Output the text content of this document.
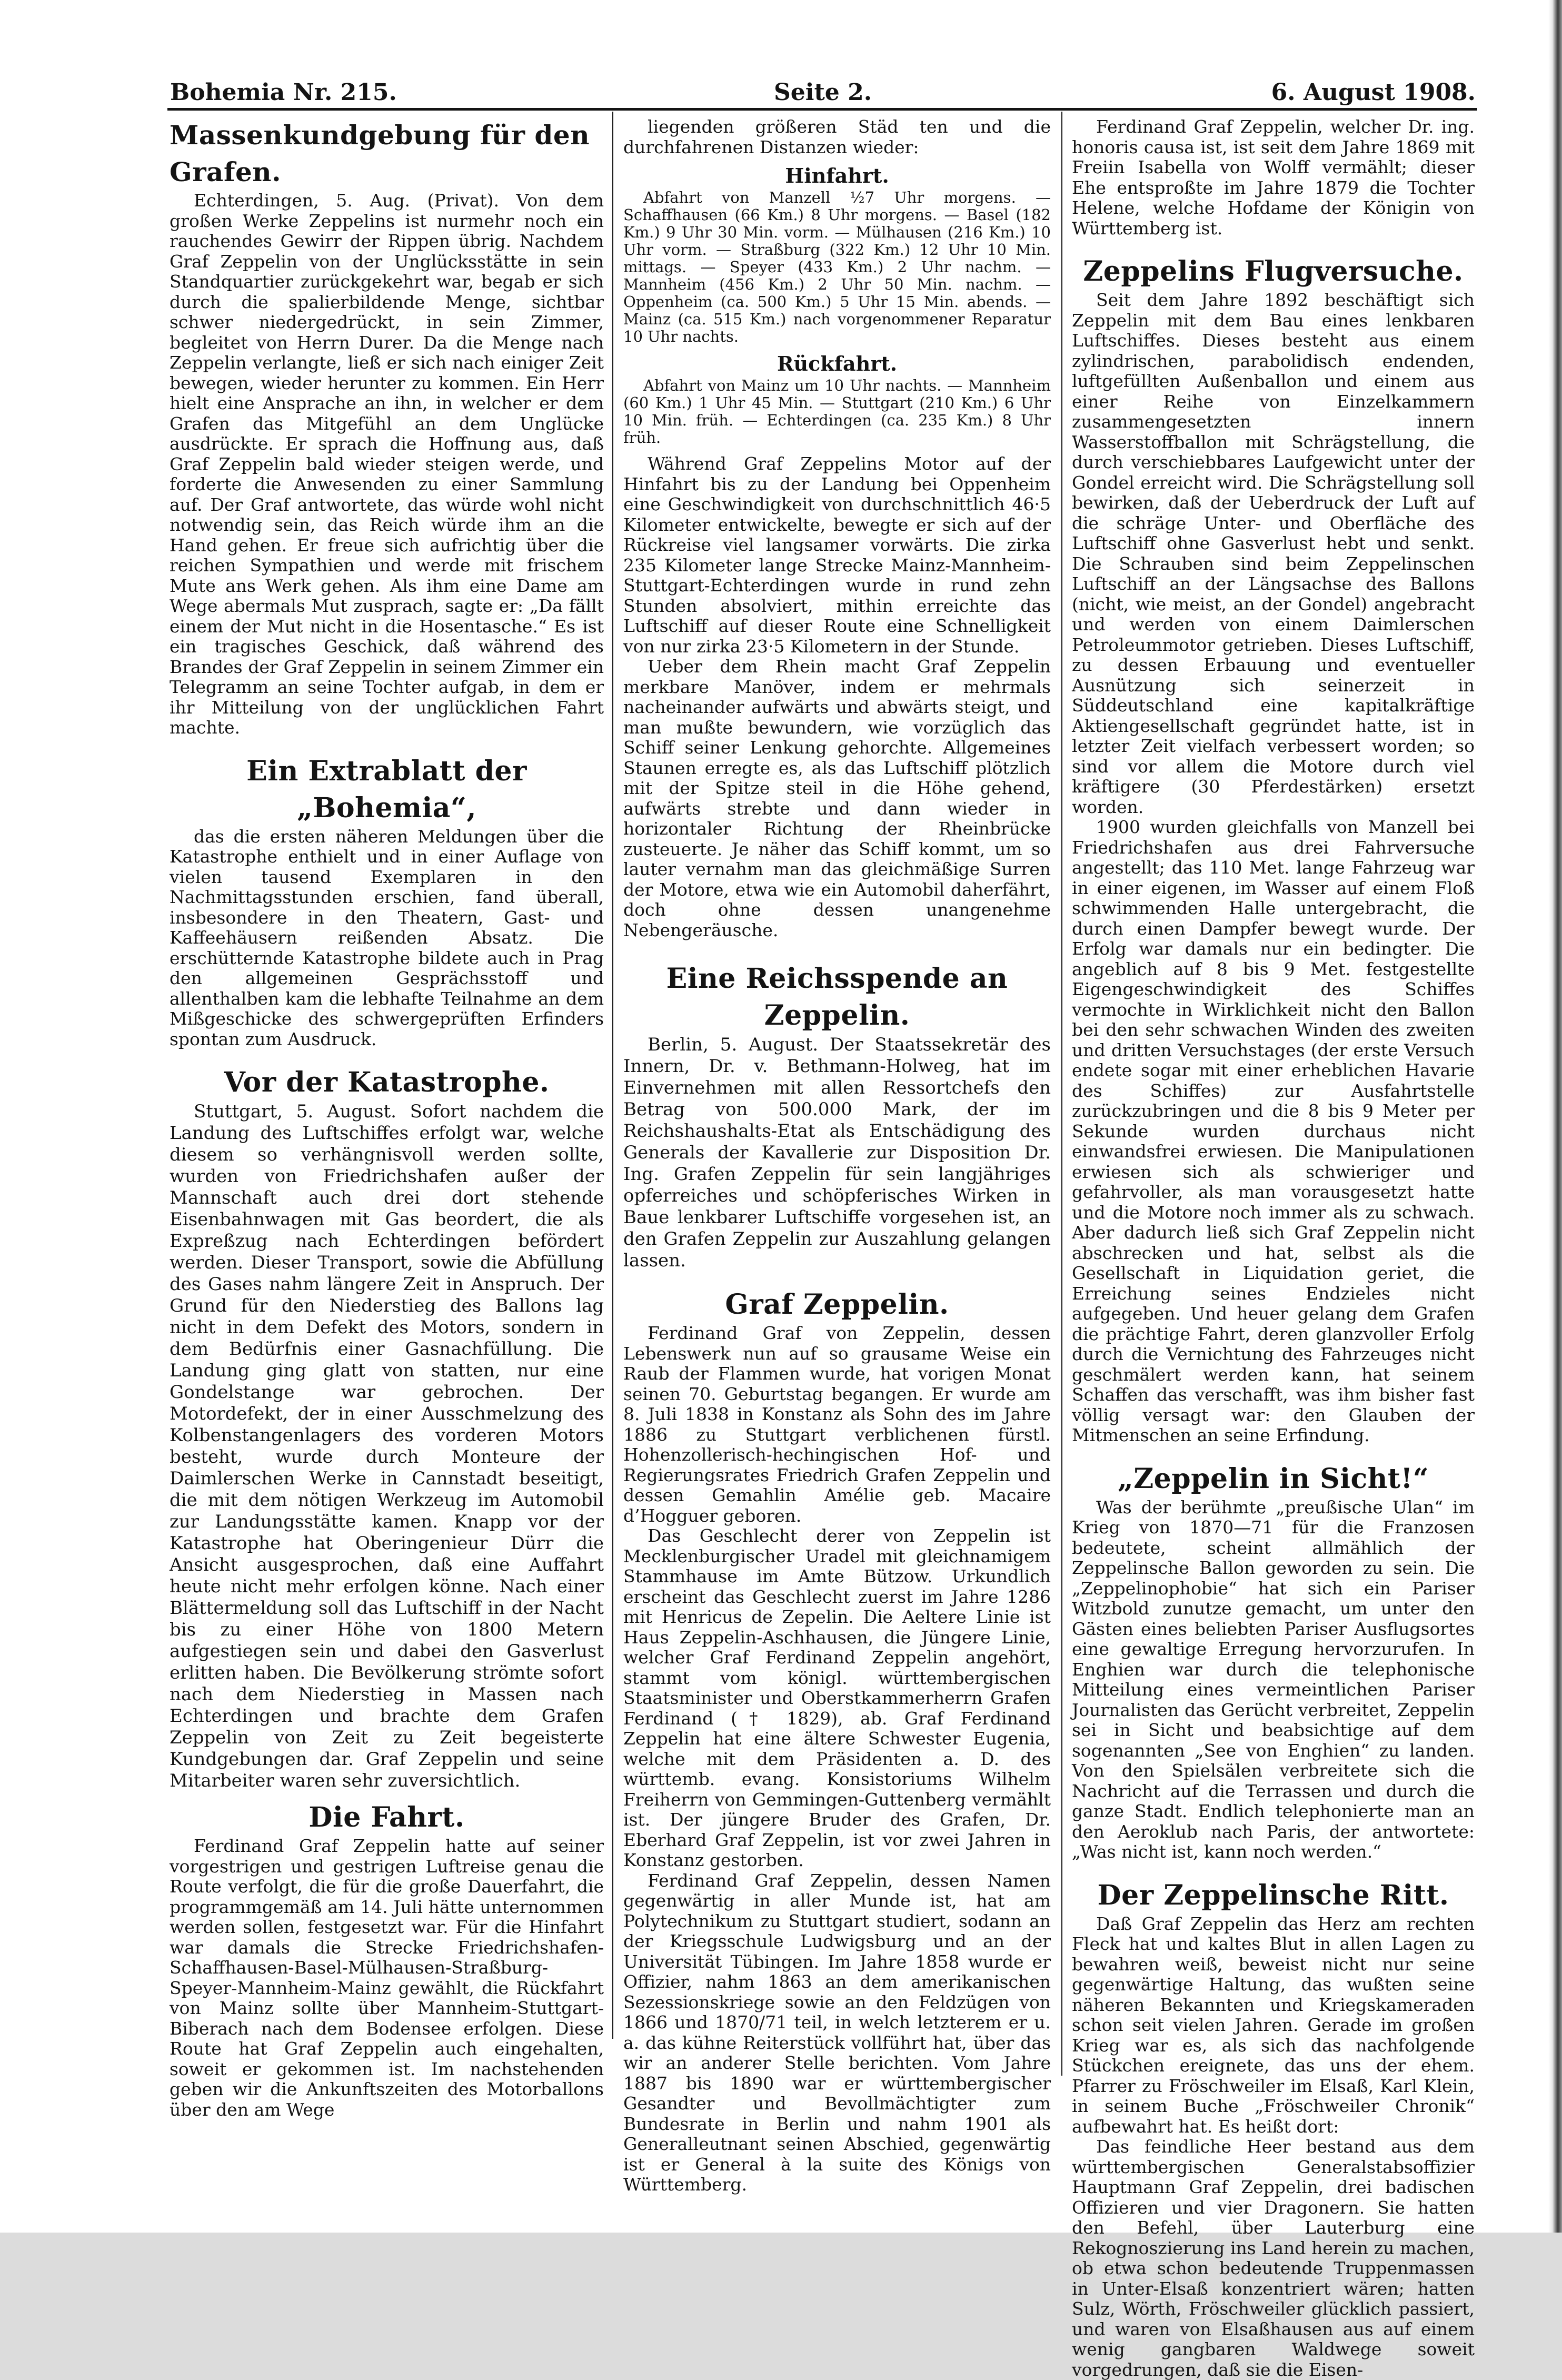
Bohemia Nr. 215.	Seite 2.	6. August 1908.
Massenkundgebung für den Grafen.

Echterdingen, 5. Aug. (Privat). Von dem großen Werke Zeppelins ist nurmehr noch ein rauchendes Gewirr der Rippen übrig. Nachdem Graf Zeppelin von der Unglücksstätte in sein Standquartier zurückgekehrt war, begab er sich durch die spalierbildende Menge, sichtbar schwer niedergedrückt, in sein Zimmer, begleitet von Herrn Durer. Da die Menge nach Zeppelin verlangte, ließ er sich nach einiger Zeit bewegen, wieder herunter zu kommen. Ein Herr hielt eine Ansprache an ihn, in welcher er dem Grafen das Mitgefühl an dem Unglücke ausdrückte. Er sprach die Hoffnung aus, daß Graf Zeppelin bald wieder steigen werde, und forderte die Anwesenden zu einer Sammlung auf. Der Graf antwortete, das würde wohl nicht notwendig sein, das Reich würde ihm an die Hand gehen. Er freue sich aufrichtig über die reichen Sympathien und werde mit frischem Mute ans Werk gehen. Als ihm eine Dame am Wege abermals Mut zusprach, sagte er: „Da fällt einem der Mut nicht in die Hosentasche.“ Es ist ein tragisches Geschick, daß während des Brandes der Graf Zeppelin in seinem Zimmer ein Telegramm an seine Tochter aufgab, in dem er ihr Mitteilung von der unglücklichen Fahrt machte.

Ein Extrablatt der „Bohemia“,

das die ersten näheren Meldungen über die Katastrophe enthielt und in einer Auflage von vielen tausend Exemplaren in den Nachmittagsstunden erschien, fand überall, insbesondere in den Theatern, Gast- und Kaffeehäusern reißenden Absatz. Die erschütternde Katastrophe bildete auch in Prag den allgemeinen Gesprächsstoff und allenthalben kam die lebhafte Teilnahme an dem Mißgeschicke des schwergeprüften Erfinders spontan zum Ausdruck.

Vor der Katastrophe.

Stuttgart, 5. August. Sofort nachdem die Landung des Luftschiffes erfolgt war, welche diesem so verhängnisvoll werden sollte, wurden von Friedrichshafen außer der Mannschaft auch drei dort stehende Eisenbahnwagen mit Gas beordert, die als Expreßzug nach Echterdingen befördert werden. Dieser Transport, sowie die Abfüllung des Gases nahm längere Zeit in Anspruch. Der Grund für den Niederstieg des Ballons lag nicht in dem Defekt des Motors, sondern in dem Bedürfnis einer Gasnachfüllung. Die Landung ging glatt von statten, nur eine Gondelstange war gebrochen. Der Motordefekt, der in einer Ausschmelzung des Kolbenstangenlagers des vorderen Motors besteht, wurde durch Monteure der Daimlerschen Werke in Cannstadt beseitigt, die mit dem nötigen Werkzeug im Automobil zur Landungsstätte kamen. Knapp vor der Katastrophe hat Oberingenieur Dürr die Ansicht ausgesprochen, daß eine Auffahrt heute nicht mehr erfolgen könne. Nach einer Blättermeldung soll das Luftschiff in der Nacht bis zu einer Höhe von 1800 Metern aufgestiegen sein und dabei den Gasverlust erlitten haben. Die Bevölkerung strömte sofort nach dem Niederstieg in Massen nach Echterdingen und brachte dem Grafen Zeppelin von Zeit zu Zeit begeisterte Kundgebungen dar. Graf Zeppelin und seine Mitarbeiter waren sehr zuversichtlich.

Die Fahrt.

Ferdinand Graf Zeppelin hatte auf seiner vorgestrigen und gestrigen Luftreise genau die Route verfolgt, die für die große Dauerfahrt, die programmgemäß am 14. Juli hätte unternommen werden sollen, festgesetzt war. Für die Hinfahrt war damals die Strecke Friedrichshafen-Schaffhausen-Basel-Mülhausen-Straßburg-Speyer-Mannheim-Mainz gewählt, die Rückfahrt von Mainz sollte über Mannheim-Stuttgart-Biberach nach dem Bodensee erfolgen. Diese Route hat Graf Zeppelin auch eingehalten, soweit er gekommen ist. Im nachstehenden geben wir die Ankunftszeiten des Motorballons über den am Wege

liegenden größeren Städ ten und die durchfahrenen Distanzen wieder:

Hinfahrt.

Abfahrt von Manzell ½7 Uhr morgens. — Schaffhausen (66 Km.) 8 Uhr morgens. — Basel (182 Km.) 9 Uhr 30 Min. vorm. — Mülhausen (216 Km.) 10 Uhr vorm. — Straßburg (322 Km.) 12 Uhr 10 Min. mittags. — Speyer (433 Km.) 2 Uhr nachm. — Mannheim (456 Km.) 2 Uhr 50 Min. nachm. — Oppenheim (ca. 500 Km.) 5 Uhr 15 Min. abends. — Mainz (ca. 515 Km.) nach vorgenommener Reparatur 10 Uhr nachts.

Rückfahrt.

Abfahrt von Mainz um 10 Uhr nachts. — Mannheim (60 Km.) 1 Uhr 45 Min. — Stuttgart (210 Km.) 6 Uhr 10 Min. früh. — Echterdingen (ca. 235 Km.) 8 Uhr früh.

Während Graf Zeppelins Motor auf der Hinfahrt bis zu der Landung bei Oppenheim eine Geschwindigkeit von durchschnittlich 46·5 Kilometer entwickelte, bewegte er sich auf der Rückreise viel langsamer vorwärts. Die zirka 235 Kilometer lange Strecke Mainz-Mannheim-Stuttgart-Echterdingen wurde in rund zehn Stunden absolviert, mithin erreichte das Luftschiff auf dieser Route eine Schnelligkeit von nur zirka 23·5 Kilometern in der Stunde.

Ueber dem Rhein macht Graf Zeppelin merkbare Manöver, indem er mehrmals nacheinander aufwärts und abwärts steigt, und man mußte bewundern, wie vorzüglich das Schiff seiner Lenkung gehorchte. Allgemeines Staunen erregte es, als das Luftschiff plötzlich mit der Spitze steil in die Höhe gehend, aufwärts strebte und dann wieder in horizontaler Richtung der Rheinbrücke zusteuerte. Je näher das Schiff kommt, um so lauter vernahm man das gleichmäßige Surren der Motore, etwa wie ein Automobil daherfährt, doch ohne dessen unangenehme Nebengeräusche.

Eine Reichsspende an Zeppelin.

Berlin, 5. August. Der Staatssekretär des Innern, Dr. v. Bethmann-Holweg, hat im Einvernehmen mit allen Ressortchefs den Betrag von 500.000 Mark, der im Reichshaushalts-Etat als Entschädigung des Generals der Kavallerie zur Disposition Dr. Ing. Grafen Zeppelin für sein langjähriges opferreiches und schöpferisches Wirken in Baue lenkbarer Luftschiffe vorgesehen ist, an den Grafen Zeppelin zur Auszahlung gelangen lassen.

Graf Zeppelin.

Ferdinand Graf von Zeppelin, dessen Lebenswerk nun auf so grausame Weise ein Raub der Flammen wurde, hat vorigen Monat seinen 70. Geburtstag begangen. Er wurde am 8. Juli 1838 in Konstanz als Sohn des im Jahre 1886 zu Stuttgart verblichenen fürstl. Hohenzollerisch-hechingischen Hof- und Regierungsrates Friedrich Grafen Zeppelin und dessen Gemahlin Amélie geb. Macaire d’Hogguer geboren.

Das Geschlecht derer von Zeppelin ist Mecklenburgischer Uradel mit gleichnamigem Stammhause im Amte Bützow. Urkundlich erscheint das Geschlecht zuerst im Jahre 1286 mit Henricus de Zepelin. Die Aeltere Linie ist Haus Zeppelin-Aschhausen, die Jüngere Linie, welcher Graf Ferdinand Zeppelin angehört, stammt vom königl. württembergischen Staatsminister und Oberstkammerherrn Grafen Ferdinand († 1829), ab. Graf Ferdinand Zeppelin hat eine ältere Schwester Eugenia, welche mit dem Präsidenten a. D. des württemb. evang. Konsistoriums Wilhelm Freiherrn von Gemmingen-Guttenberg vermählt ist. Der jüngere Bruder des Grafen, Dr. Eberhard Graf Zeppelin, ist vor zwei Jahren in Konstanz gestorben.

Ferdinand Graf Zeppelin, dessen Namen gegenwärtig in aller Munde ist, hat am Polytechnikum zu Stuttgart studiert, sodann an der Kriegsschule Ludwigsburg und an der Universität Tübingen. Im Jahre 1858 wurde er Offizier, nahm 1863 an dem amerikanischen Sezessionskriege sowie an den Feldzügen von 1866 und 1870/71 teil, in welch letzterem er u. a. das kühne Reiterstück vollführt hat, über das wir an anderer Stelle berichten. Vom Jahre 1887 bis 1890 war er württembergischer Gesandter und Bevollmächtigter zum Bundesrate in Berlin und nahm 1901 als Generalleutnant seinen Abschied, gegenwärtig ist er General à la suite des Königs von Württemberg.

Ferdinand Graf Zeppelin, welcher Dr. ing. honoris causa ist, ist seit dem Jahre 1869 mit Freiin Isabella von Wolff vermählt; dieser Ehe entsproßte im Jahre 1879 die Tochter Helene, welche Hofdame der Königin von Württemberg ist.

Zeppelins Flugversuche.

Seit dem Jahre 1892 beschäftigt sich Zeppelin mit dem Bau eines lenkbaren Luftschiffes. Dieses besteht aus einem zylindrischen, parabolidisch endenden, luftgefüllten Außenballon und einem aus einer Reihe von Einzelkammern zusammengesetzten innern Wasserstoffballon mit Schrägstellung, die durch verschiebbares Laufgewicht unter der Gondel erreicht wird. Die Schrägstellung soll bewirken, daß der Ueberdruck der Luft auf die schräge Unter- und Oberfläche des Luftschiff ohne Gasverlust hebt und senkt. Die Schrauben sind beim Zeppelinschen Luftschiff an der Längsachse des Ballons (nicht, wie meist, an der Gondel) angebracht und werden von einem Daimlerschen Petroleummotor getrieben. Dieses Luftschiff, zu dessen Erbauung und eventueller Ausnützung sich seinerzeit in Süddeutschland eine kapitalkräftige Aktiengesellschaft gegründet hatte, ist in letzter Zeit vielfach verbessert worden; so sind vor allem die Motore durch viel kräftigere (30 Pferdestärken) ersetzt worden.

1900 wurden gleichfalls von Manzell bei Friedrichshafen aus drei Fahrversuche angestellt; das 110 Met. lange Fahrzeug war in einer eigenen, im Wasser auf einem Floß schwimmenden Halle untergebracht, die durch einen Dampfer bewegt wurde. Der Erfolg war damals nur ein bedingter. Die angeblich auf 8 bis 9 Met. festgestellte Eigengeschwindigkeit des Schiffes vermochte in Wirklichkeit nicht den Ballon bei den sehr schwachen Winden des zweiten und dritten Versuchstages (der erste Versuch endete sogar mit einer erheblichen Havarie des Schiffes) zur Ausfahrtstelle zurückzubringen und die 8 bis 9 Meter per Sekunde wurden durchaus nicht einwandsfrei erwiesen. Die Manipulationen erwiesen sich als schwieriger und gefahrvoller, als man vorausgesetzt hatte und die Motore noch immer als zu schwach. Aber dadurch ließ sich Graf Zeppelin nicht abschrecken und hat, selbst als die Gesellschaft in Liquidation geriet, die Erreichung seines Endzieles nicht aufgegeben. Und heuer gelang dem Grafen die prächtige Fahrt, deren glanzvoller Erfolg durch die Vernichtung des Fahrzeuges nicht geschmälert werden kann, hat seinem Schaffen das verschafft, was ihm bisher fast völlig versagt war: den Glauben der Mitmenschen an seine Erfindung.

„Zeppelin in Sicht!“

Was der berühmte „preußische Ulan“ im Krieg von 1870—71 für die Franzosen bedeutete, scheint allmählich der Zeppelinsche Ballon geworden zu sein. Die „Zeppelinophobie“ hat sich ein Pariser Witzbold zunutze gemacht, um unter den Gästen eines beliebten Pariser Ausflugsortes eine gewaltige Erregung hervorzurufen. In Enghien war durch die telephonische Mitteilung eines vermeintlichen Pariser Journalisten das Gerücht verbreitet, Zeppelin sei in Sicht und beabsichtige auf dem sogenannten „See von Enghien“ zu landen. Von den Spielsälen verbreitete sich die Nachricht auf die Terrassen und durch die ganze Stadt. Endlich telephonierte man an den Aeroklub nach Paris, der antwortete: „Was nicht ist, kann noch werden.“

Der Zeppelinsche Ritt.

Daß Graf Zeppelin das Herz am rechten Fleck hat und kaltes Blut in allen Lagen zu bewahren weiß, beweist nicht nur seine gegenwärtige Haltung, das wußten seine näheren Bekannten und Kriegskameraden schon seit vielen Jahren. Gerade im großen Krieg war es, als sich das nachfolgende Stückchen ereignete, das uns der ehem. Pfarrer zu Fröschweiler im Elsaß, Karl Klein, in seinem Buche „Fröschweiler Chronik“ aufbewahrt hat. Es heißt dort:

Das feindliche Heer bestand aus dem württembergischen Generalstabsoffizier Hauptmann Graf Zeppelin, drei badischen Offizieren und vier Dragonern. Sie hatten den Befehl, über Lauterburg eine Rekognoszierung ins Land herein zu machen, ob etwa schon bedeutende Truppenmassen in Unter-Elsaß konzentriert wären; hatten Sulz, Wörth, Fröschweiler glücklich passiert, und waren von Elsaßhausen aus auf einem wenig gangbaren Waldwege soweit vorgedrungen, daß sie die Eisen-
